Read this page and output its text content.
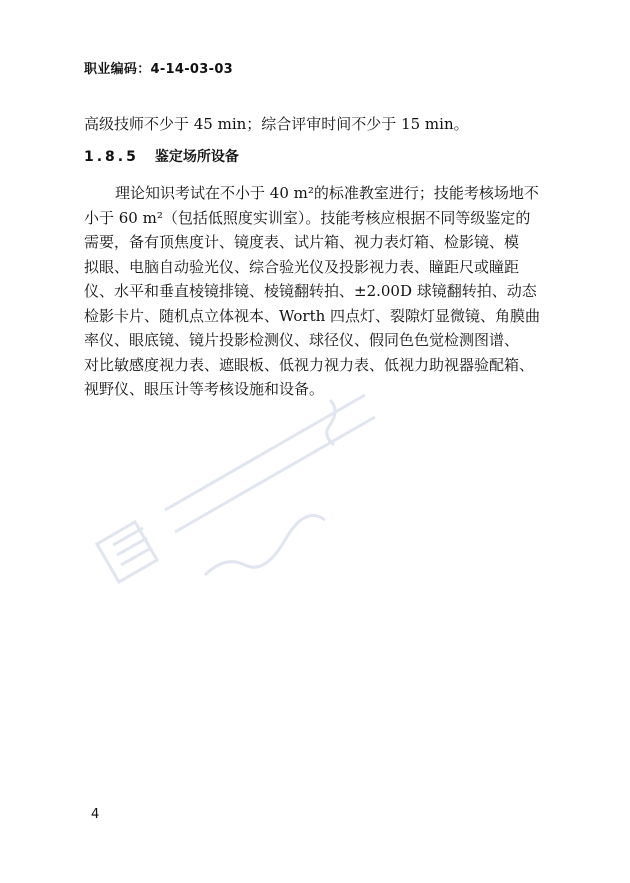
职业编码：4-14-03-03
高级技师不少于 45 min；综合评审时间不少于 15 min。
1.8.5 鉴定场所设备
理论知识考试在不小于 40 m²的标准教室进行；技能考核场地不
小于 60 m²（包括低照度实训室）。技能考核应根据不同等级鉴定的
需要，备有顶焦度计、镜度表、试片箱、视力表灯箱、检影镜、模
拟眼、电脑自动验光仪、综合验光仪及投影视力表、瞳距尺或瞳距
仪、水平和垂直棱镜排镜、棱镜翻转拍、±2.00D 球镜翻转拍、动态
检影卡片、随机点立体视本、Worth 四点灯、裂隙灯显微镜、角膜曲
率仪、眼底镜、镜片投影检测仪、球径仪、假同色色觉检测图谱、
对比敏感度视力表、遮眼板、低视力视力表、低视力助视器验配箱、
视野仪、眼压计等考核设施和设备。
4
